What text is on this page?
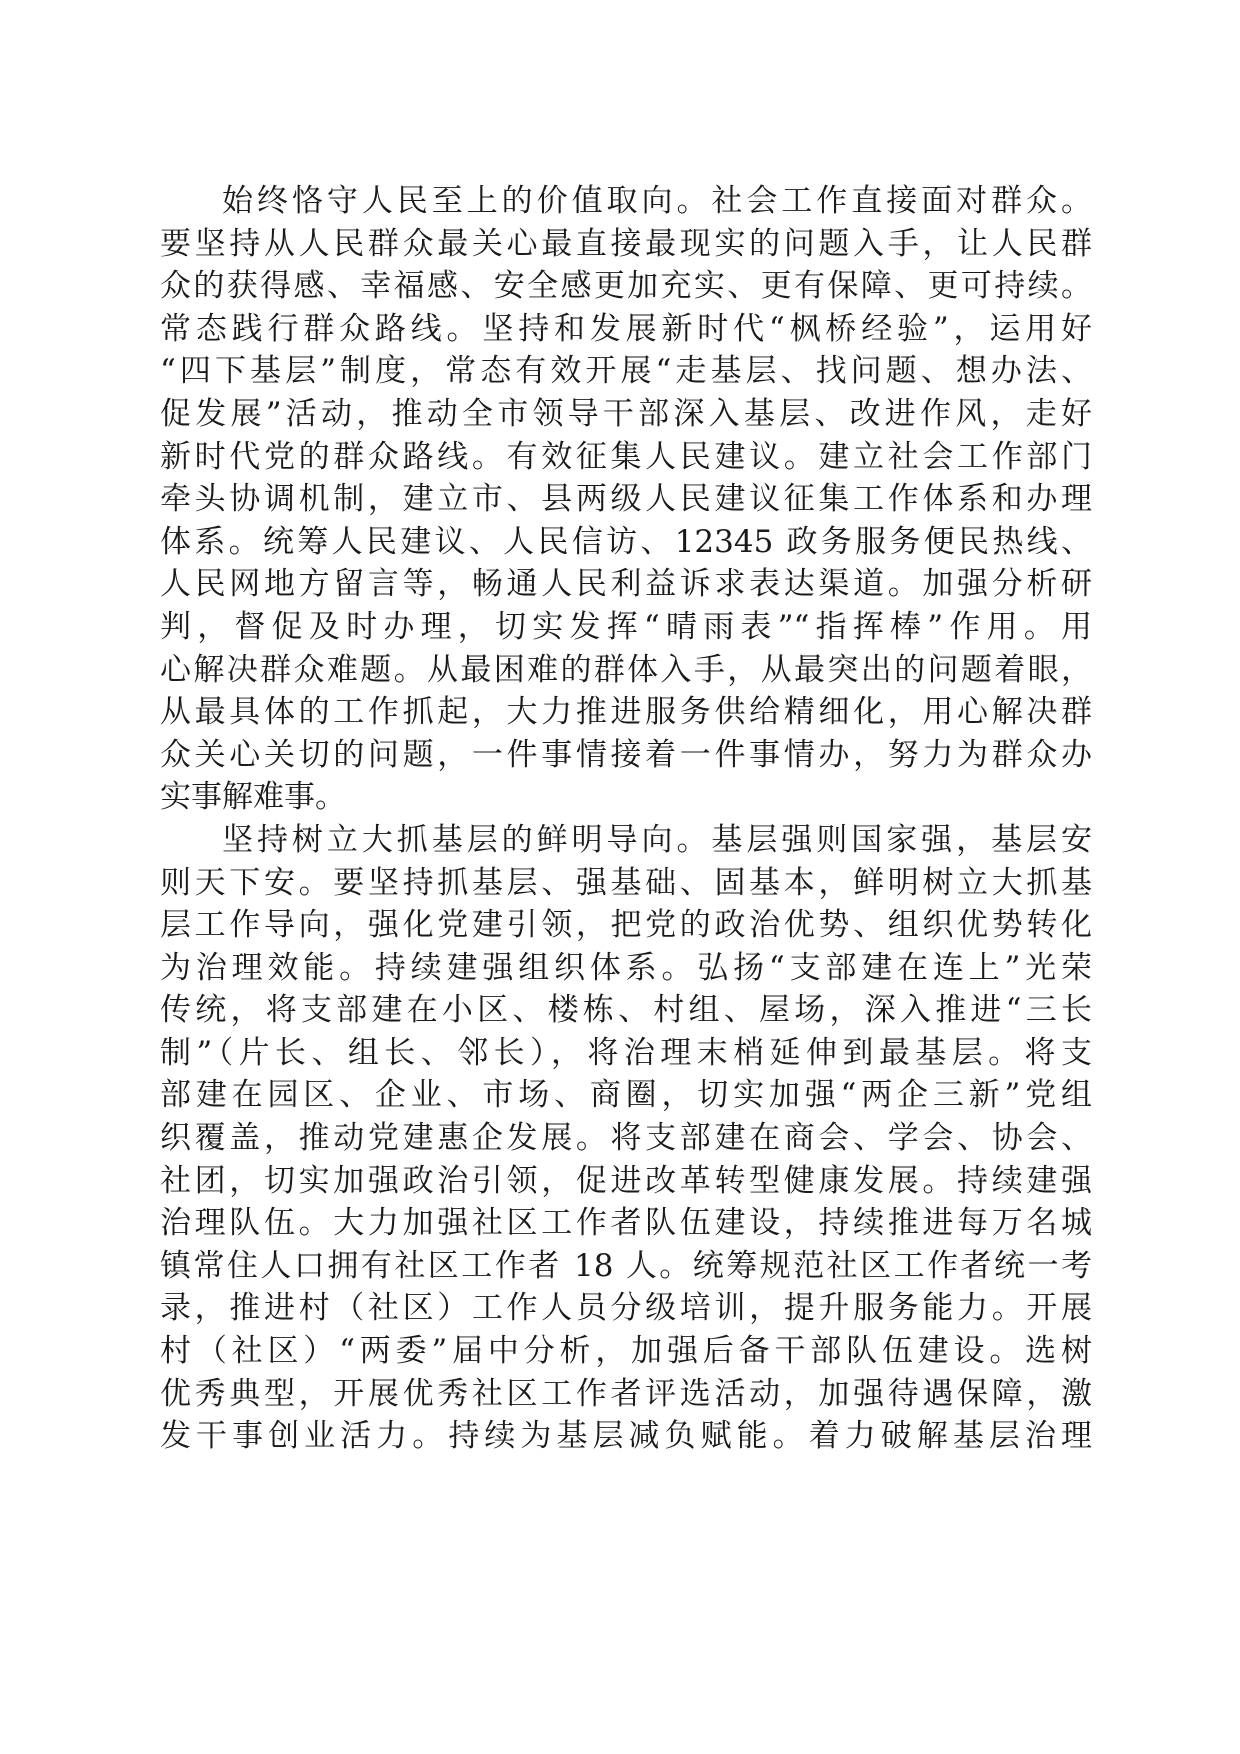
始终恪守人民至上的价值取向。社会工作直接面对群众。
要坚持从人民群众最关心最直接最现实的问题入手，让人民群
众的获得感、幸福感、安全感更加充实、更有保障、更可持续。
常态践行群众路线。坚持和发展新时代“枫桥经验”，运用好
“四下基层”制度，常态有效开展“走基层、找问题、想办法、
促发展”活动，推动全市领导干部深入基层、改进作风，走好
新时代党的群众路线。有效征集人民建议。建立社会工作部门
牵头协调机制，建立市、县两级人民建议征集工作体系和办理
体系。统筹人民建议、人民信访、12345 政务服务便民热线、
人民网地方留言等，畅通人民利益诉求表达渠道。加强分析研
判，督促及时办理，切实发挥“晴雨表”“指挥棒”作用。用
心解决群众难题。从最困难的群体入手，从最突出的问题着眼，
从最具体的工作抓起，大力推进服务供给精细化，用心解决群
众关心关切的问题，一件事情接着一件事情办，努力为群众办
实事解难事。
坚持树立大抓基层的鲜明导向。基层强则国家强，基层安
则天下安。要坚持抓基层、强基础、固基本，鲜明树立大抓基
层工作导向，强化党建引领，把党的政治优势、组织优势转化
为治理效能。持续建强组织体系。弘扬“支部建在连上”光荣
传统，将支部建在小区、楼栋、村组、屋场，深入推进“三长
制”（片长、组长、邻长），将治理末梢延伸到最基层。将支
部建在园区、企业、市场、商圈，切实加强“两企三新”党组
织覆盖，推动党建惠企发展。将支部建在商会、学会、协会、
社团，切实加强政治引领，促进改革转型健康发展。持续建强
治理队伍。大力加强社区工作者队伍建设，持续推进每万名城
镇常住人口拥有社区工作者 18 人。统筹规范社区工作者统一考
录，推进村（社区）工作人员分级培训，提升服务能力。开展
村（社区）“两委”届中分析，加强后备干部队伍建设。选树
优秀典型，开展优秀社区工作者评选活动，加强待遇保障，激
发干事创业活力。持续为基层减负赋能。着力破解基层治理
